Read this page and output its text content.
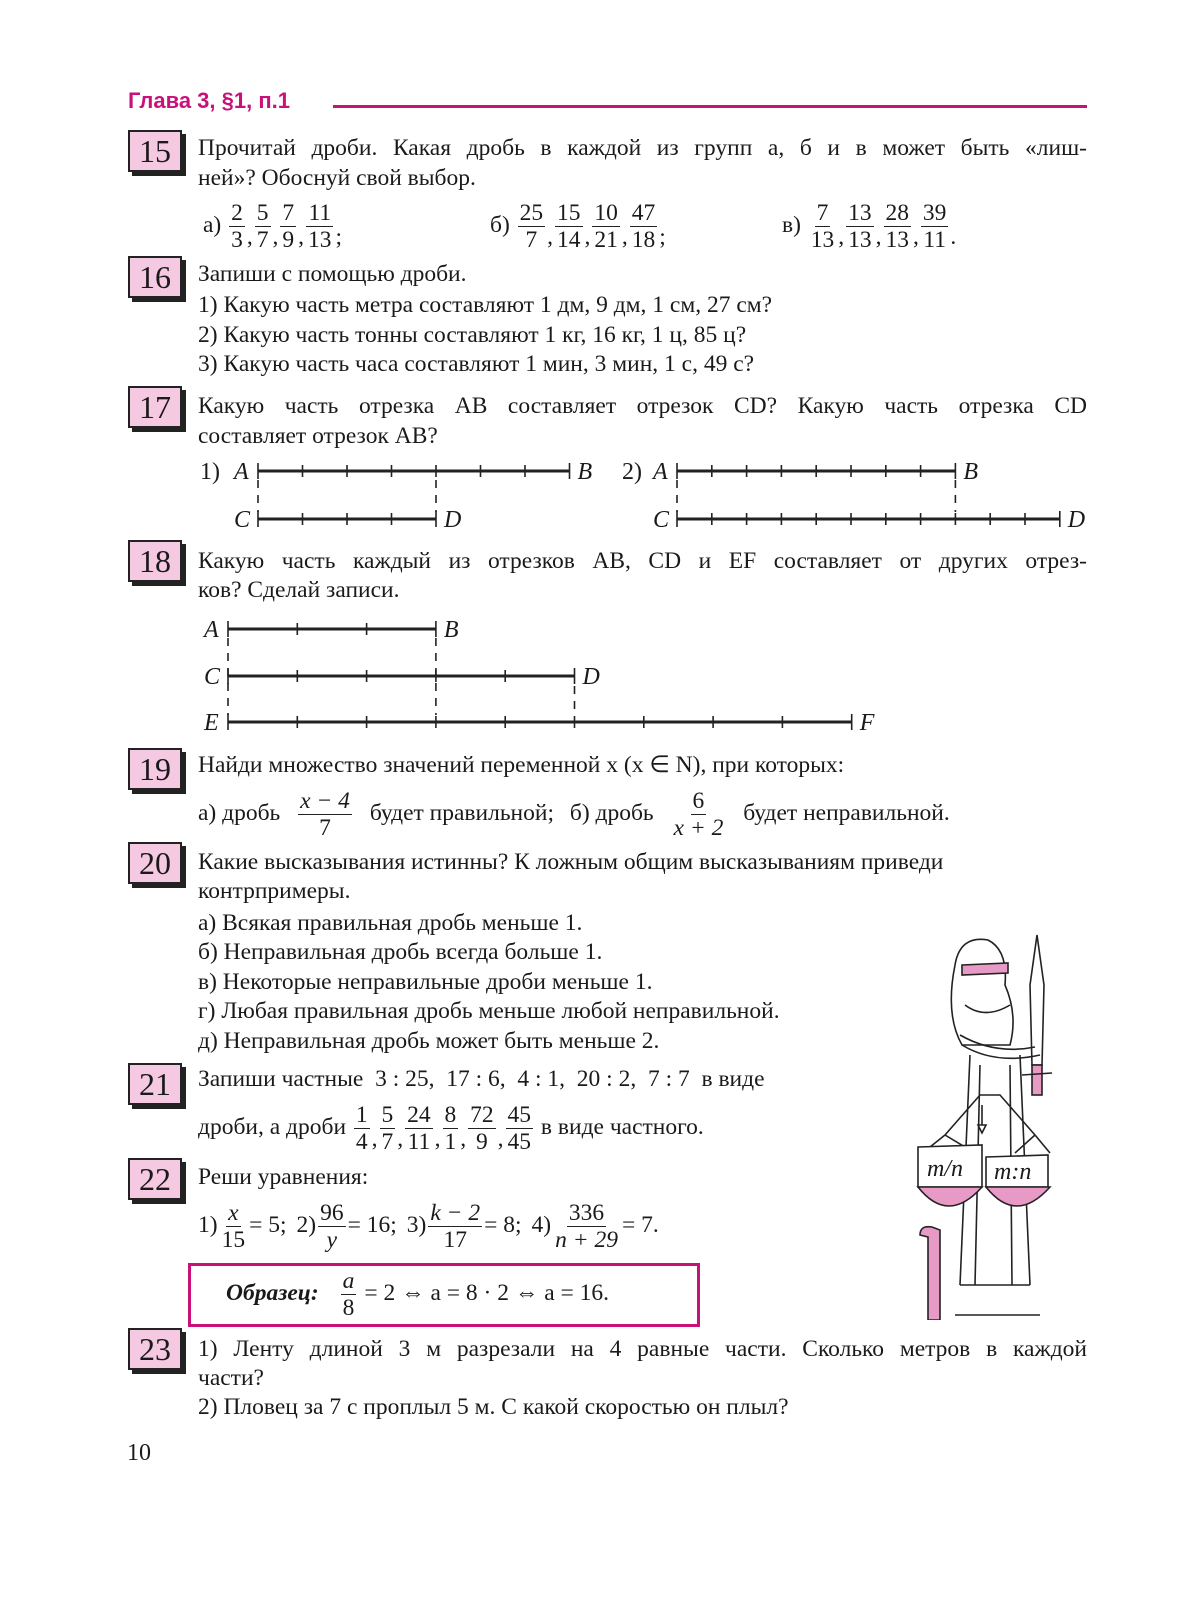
Глава 3, §1, п.1
15	Прочитай дроби. Какая дробь в каждой из групп а, б и в может быть «лиш-
ней»? Обоснуй свой выбор.
$а) \frac{2}{3}$ , $\frac{5}{7}$ , $\frac{7}{9}$ , $\frac{11}{13}$ ;	$б) \frac{25}{7}$ , $\frac{15}{14}$ , $\frac{10}{21}$ , $\frac{47}{18}$ ;	$в) \frac{7}{13}$ , $\frac{13}{13}$ , $\frac{28}{13}$ , $\frac{39}{11}$ .
16	Запиши с помощью дроби.
1) Какую часть метра составляют 1 дм, 9 дм, 1 см, 27 см?
2) Какую часть тонны составляют 1 кг, 16 кг, 1 ц, 85 ц?
3) Какую часть часа составляют 1 мин, 3 мин, 1 с, 49 с?
17	Какую часть отрезка AB составляет отрезок CD? Какую часть отрезка CD
составляет отрезок AB?
1) A	B
C	D
2) A	B
C	D
A	B
C	D
E	F
18	Какую часть каждый из отрезков AB, CD и EF составляет от других отрез-
ков? Сделай записи.
19	Найди множество значений переменной x (x ∈ N), при которых:
а) дробь $\frac{x - 4}{7}$ будет правильной; б) дробь $\frac{6}{x + 2}$ будет неправильной.
20	Какие высказывания истинны? К ложным общим высказываниям приведи
контрпримеры.
а) Всякая правильная дробь меньше 1.
б) Неправильная дробь всегда больше 1.
в) Некоторые неправильные дроби меньше 1.
г) Любая правильная дробь меньше любой неправильной.
д) Неправильная дробь может быть меньше 2.
21	Запиши частные  3 : 25,  17 : 6,  4 : 1,  20 : 2,  7 : 7  в виде
дроби, а дроби $\frac{1}{4}$ , $\frac{5}{7}$ , $\frac{24}{11}$ , $\frac{8}{1}$ , $\frac{72}{9}$ , $\frac{45}{45}$ в виде частного.
22	Реши уравнения:
$1) \frac{x}{15} = 5$; $2) \frac{96}{y} = 16$; $3) \frac{k - 2}{17} = 8$; $4) \frac{336}{n + 29} = 7$.
Образец: $\frac{a}{8} = 2$ ⇔ a = 8 · 2 ⇔ a = 16.
23	1) Ленту длиной 3 м разрезали на 4 равные части. Сколько метров в каждой
части?
2) Пловец за 7 с проплыл 5 м. С какой скоростью он плыл?
10
m/n m:n
